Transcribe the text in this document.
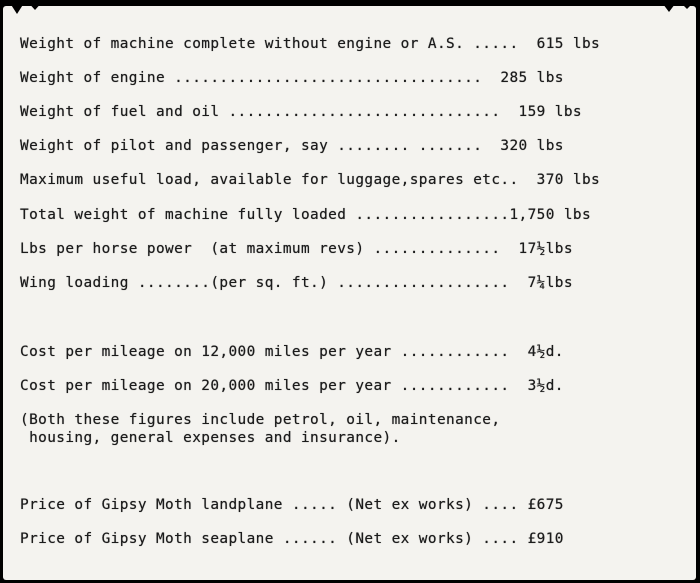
Weight of machine complete without engine or A.S. .....  615 lbs
Weight of engine ..................................  285 lbs
Weight of fuel and oil ..............................  159 lbs
Weight of pilot and passenger, say ........ .......  320 lbs
Maximum useful load, available for luggage,spares etc..  370 lbs
Total weight of machine fully loaded .................1,750 lbs
Lbs per horse power  (at maximum revs) ..............  17½lbs
Wing loading ........(per sq. ft.) ...................  7¼lbs
Cost per mileage on 12,000 miles per year ............  4½d.
Cost per mileage on 20,000 miles per year ............  3½d.
(Both these figures include petrol, oil, maintenance,
housing, general expenses and insurance).
Price of Gipsy Moth landplane ..... (Net ex works) .... £675
Price of Gipsy Moth seaplane ...... (Net ex works) .... £910
